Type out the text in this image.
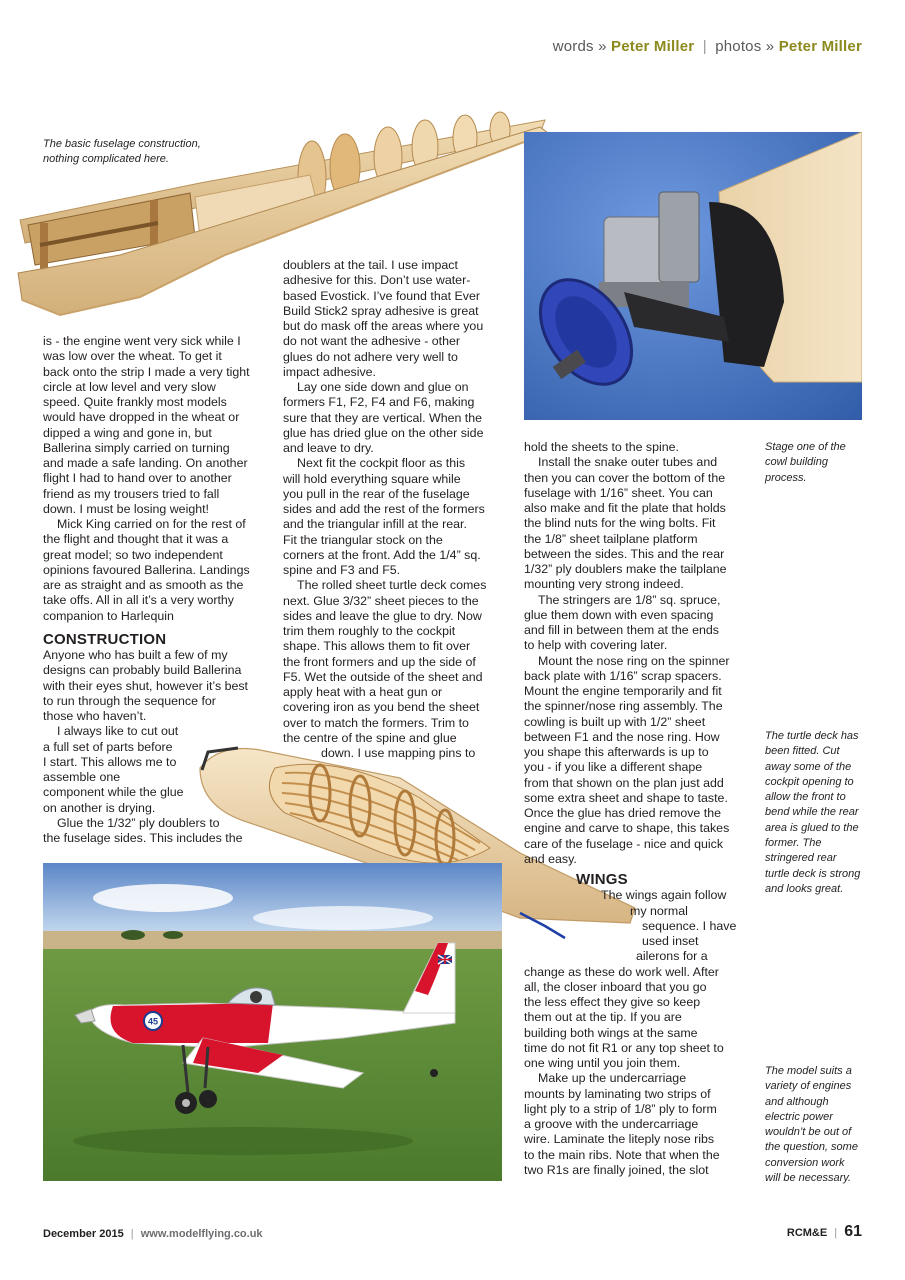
words » Peter Miller | photos » Peter Miller

The basic fuselage construction,

nothing complicated here.

Stage one of the

cowl building

process.

is - the engine went very sick while I
was low over the wheat. To get it
back onto the strip I made a very tight
circle at low level and very slow
speed. Quite frankly most models
would have dropped in the wheat or
dipped a wing and gone in, but
Ballerina simply carried on turning
and made a safe landing. On another
flight I had to hand over to another
friend as my trousers tried to fall
down. I must be losing weight!

Mick King carried on for the rest of
the flight and thought that it was a
great model; so two independent
opinions favoured Ballerina. Landings
are as straight and as smooth as the
take offs. All in all it’s a very worthy
companion to Harlequin

CONSTRUCTION

Anyone who has built a few of my
designs can probably build Ballerina
with their eyes shut, however it’s best
to run through the sequence for
those who haven’t.

I always like to cut out
a full set of parts before
I start. This allows me to
assemble one
component while the glue
on another is drying.

Glue the 1/32” ply doublers to
the fuselage sides. This includes the

doublers at the tail. I use impact
adhesive for this. Don’t use water-
based Evostick. I’ve found that Ever
Build Stick2 spray adhesive is great
but do mask off the areas where you
do not want the adhesive - other
glues do not adhere very well to
impact adhesive.

Lay one side down and glue on
formers F1, F2, F4 and F6, making
sure that they are vertical. When the
glue has dried glue on the other side
and leave to dry.

Next fit the cockpit floor as this
will hold everything square while
you pull in the rear of the fuselage
sides and add the rest of the formers
and the triangular infill at the rear.
Fit the triangular stock on the
corners at the front. Add the 1/4” sq.
spine and F3 and F5.

The rolled sheet turtle deck comes
next. Glue 3/32” sheet pieces to the
sides and leave the glue to dry. Now
trim them roughly to the cockpit
shape. This allows them to fit over
the front formers and up the side of
F5. Wet the outside of the sheet and
apply heat with a heat gun or
covering iron as you bend the sheet
over to match the formers. Trim to
the centre of the spine and glue
down. I use mapping pins to

hold the sheets to the spine.

Install the snake outer tubes and
then you can cover the bottom of the
fuselage with 1/16” sheet. You can
also make and fit the plate that holds
the blind nuts for the wing bolts. Fit
the 1/8” sheet tailplane platform
between the sides. This and the rear
1/32” ply doublers make the tailplane
mounting very strong indeed.

The stringers are 1/8” sq. spruce,
glue them down with even spacing
and fill in between them at the ends
to help with covering later.

Mount the nose ring on the spinner
back plate with 1/16” scrap spacers.
Mount the engine temporarily and fit
the spinner/nose ring assembly. The
cowling is built up with 1/2” sheet
between F1 and the nose ring. How
you shape this afterwards is up to
you - if you like a different shape
from that shown on the plan just add
some extra sheet and shape to taste.
Once the glue has dried remove the
engine and carve to shape, this takes
care of the fuselage - nice and quick
and easy.

WINGS

The wings again follow
my normal
sequence. I have
used inset
ailerons for a
change as these do work well. After
all, the closer inboard that you go
the less effect they give so keep
them out at the tip. If you are
building both wings at the same
time do not fit R1 or any top sheet to
one wing until you join them.

Make up the undercarriage
mounts by laminating two strips of
light ply to a strip of 1/8” ply to form
a groove with the undercarriage
wire. Laminate the liteply nose ribs
to the main ribs. Note that when the
two R1s are finally joined, the slot

The turtle deck has

been fitted. Cut

away some of the

cockpit opening to

allow the front to

bend while the rear

area is glued to the

former. The

stringered rear

turtle deck is strong

and looks great.

The model suits a

variety of engines

and although

electric power

wouldn’t be out of

the question, some

conversion work

will be necessary.

45
December 2015 | www.modelflying.co.uk	RCM&E | 61
